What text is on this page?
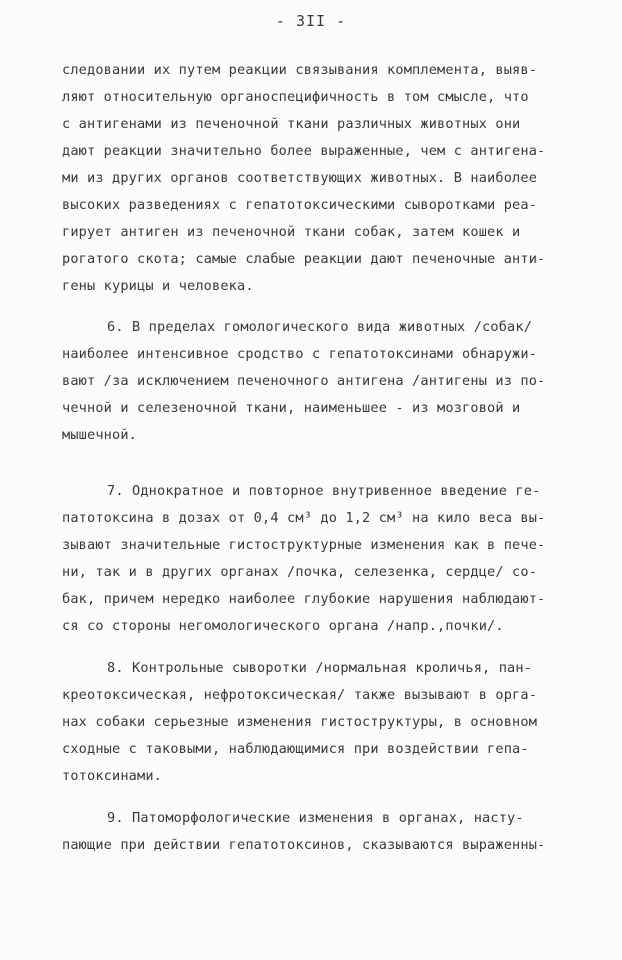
- 3II -
следовании их путем реакции связывания комплемента, выяв-
ляют относительную органоспецифичность в том смысле, что
с антигенами из печеночной ткани различных животных они
дают реакции значительно более выраженные, чем с антигена-
ми из других органов соответствующих животных. В наиболее
высоких разведениях с гепатотоксическими сыворотками реа-
гирует антиген из печеночной ткани собак, затем кошек и
рогатого скота; самые слабые реакции дают печеночные анти-
гены курицы и человека.
6. В пределах гомологического вида животных /собак/
наиболее интенсивное сродство с гепатотоксинами обнаружи-
вают /за исключением печеночного антигена /антигены из по-
чечной и селезеночной ткани, наименьшее - из мозговой и
мышечной.
7. Однократное и повторное внутривенное введение ге-
патотоксина в дозах от 0,4 см³ до 1,2 см³ на кило веса вы-
зывают значительные гистоструктурные изменения как в пече-
ни, так и в других органах /почка, селезенка, сердце/ со-
бак, причем нередко наиболее глубокие нарушения наблюдают-
ся со стороны негомологического органа /напр.,почки/.
8. Контрольные сыворотки /нормальная кроличья, пан-
креотоксическая, нефротоксическая/ также вызывают в орга-
нах собаки серьезные изменения гистоструктуры, в основном
сходные с таковыми, наблюдающимися при воздействии гепа-
тотоксинами.
9. Патоморфологические изменения в органах, насту-
пающие при действии гепатотоксинов, сказываются выраженны-
